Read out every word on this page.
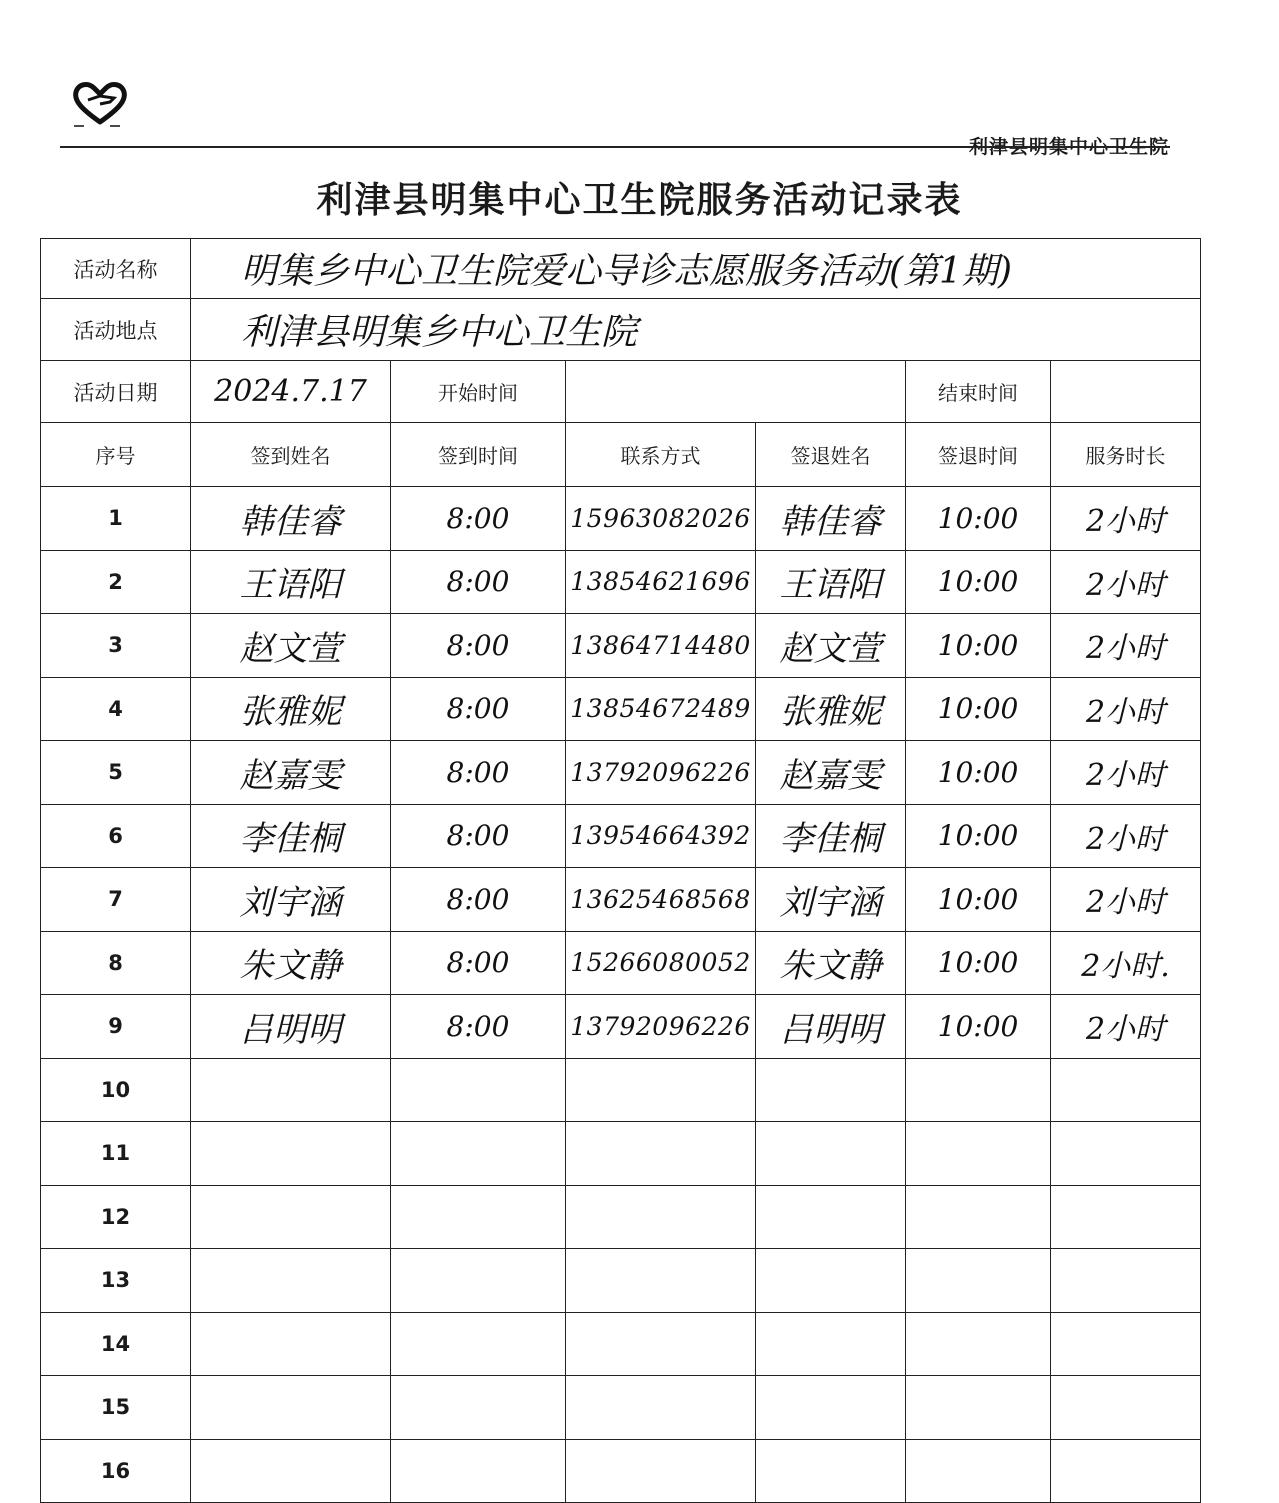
利津县明集中心卫生院
利津县明集中心卫生院服务活动记录表
活动名称	明集乡中心卫生院爱心导诊志愿服务活动(第1期)					
活动地点	利津县明集乡中心卫生院					
活动日期	2024.7.17	开始时间			结束时间	
序号	签到姓名	签到时间	联系方式	签退姓名	签退时间	服务时长
1	韩佳睿	8:00	15963082026	韩佳睿	10:00	2小时
2	王语阳	8:00	13854621696	王语阳	10:00	2小时
3	赵文萱	8:00	13864714480	赵文萱	10:00	2小时
4	张雅妮	8:00	13854672489	张雅妮	10:00	2小时
5	赵嘉雯	8:00	13792096226	赵嘉雯	10:00	2小时
6	李佳桐	8:00	13954664392	李佳桐	10:00	2小时
7	刘宇涵	8:00	13625468568	刘宇涵	10:00	2小时
8	朱文静	8:00	15266080052	朱文静	10:00	2小时.
9	吕明明	8:00	13792096226	吕明明	10:00	2小时
10						
11						
12						
13						
14						
15						
16						
